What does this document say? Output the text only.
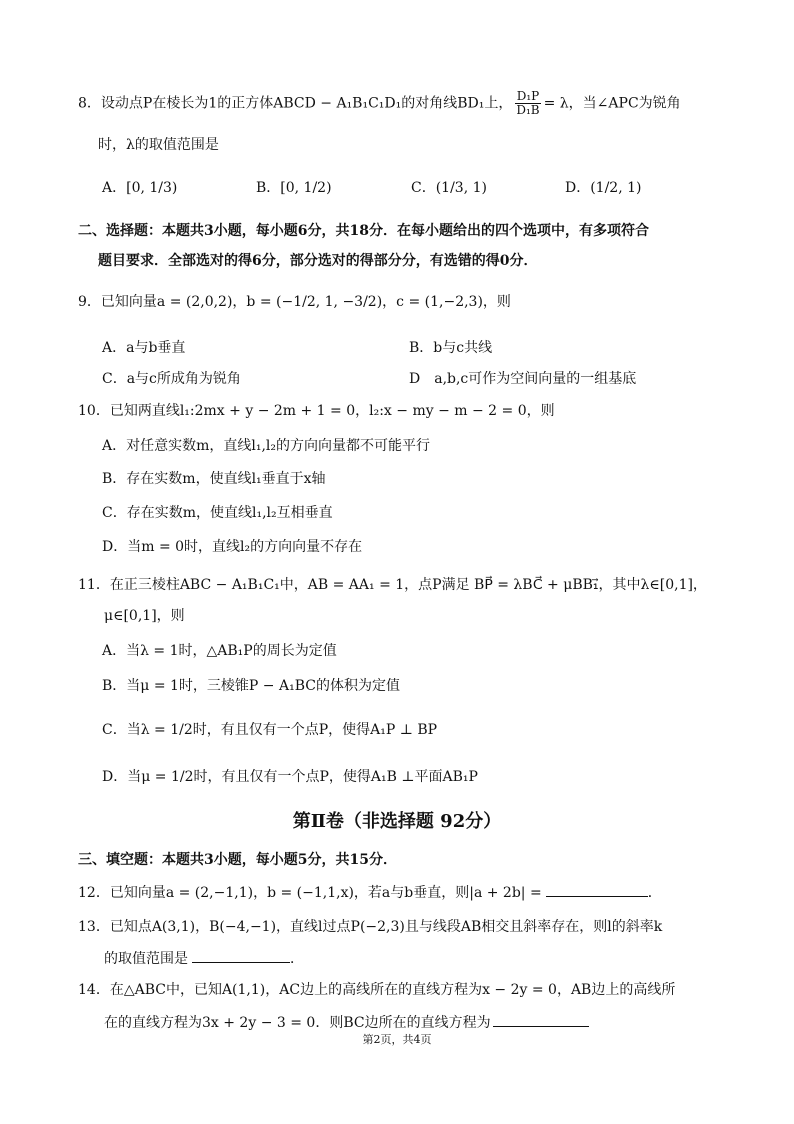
8．设动点P在棱长为1的正方体ABCD − A₁B₁C₁D₁的对角线BD₁上， $\frac{\text{D₁P}}{\text{D₁B}} = \lambda$，当∠APC为锐角
时，λ的取值范围是
A．[0, 1/3)	B．[0, 1/2)	C．(1/3, 1)	D．(1/2, 1)
二、选择题：本题共3小题，每小题6分，共18分．在每小题给出的四个选项中，有多项符合
题目要求．全部选对的得6分，部分选对的得部分分，有选错的得0分．
9．已知向量a = (2,0,2)，b = (−1/2, 1, −3/2)，c = (1,−2,3)，则
A．a与b垂直	B．b与c共线
C．a与c所成角为锐角	D　a,b,c可作为空间向量的一组基底
10．已知两直线l₁:2mx + y − 2m + 1 = 0，l₂:x − my − m − 2 = 0，则
A．对任意实数m，直线l₁,l₂的方向向量都不可能平行
B．存在实数m，使直线l₁垂直于x轴
C．存在实数m，使直线l₁,l₂互相垂直
D．当m = 0时，直线l₂的方向向量不存在
11．在正三棱柱ABC − A₁B₁C₁中，AB = AA₁ = 1，点P满足 BP⃗ = λBC⃗ + μBB₁⃗，其中λ∈[0,1]，
μ∈[0,1]，则
A．当λ = 1时，△AB₁P的周长为定值
B．当μ = 1时，三棱锥P − A₁BC的体积为定值
C．当λ = 1/2时，有且仅有一个点P，使得A₁P ⊥ BP
D．当μ = 1/2时，有且仅有一个点P，使得A₁B ⊥平面AB₁P
第Ⅱ卷（非选择题 92分）
三、填空题：本题共3小题，每小题5分，共15分．
12．已知向量a = (2,−1,1)，b = (−1,1,x)，若a与b垂直，则|a + 2b| =	．
13．已知点A(3,1)，B(−4,−1)，直线l过点P(−2,3)且与线段AB相交且斜率存在，则l的斜率k
的取值范围是	．
14．在△ABC中，已知A(1,1)，AC边上的高线所在的直线方程为x − 2y = 0，AB边上的高线所
在的直线方程为3x + 2y − 3 = 0．则BC边所在的直线方程为
第2页，共4页
